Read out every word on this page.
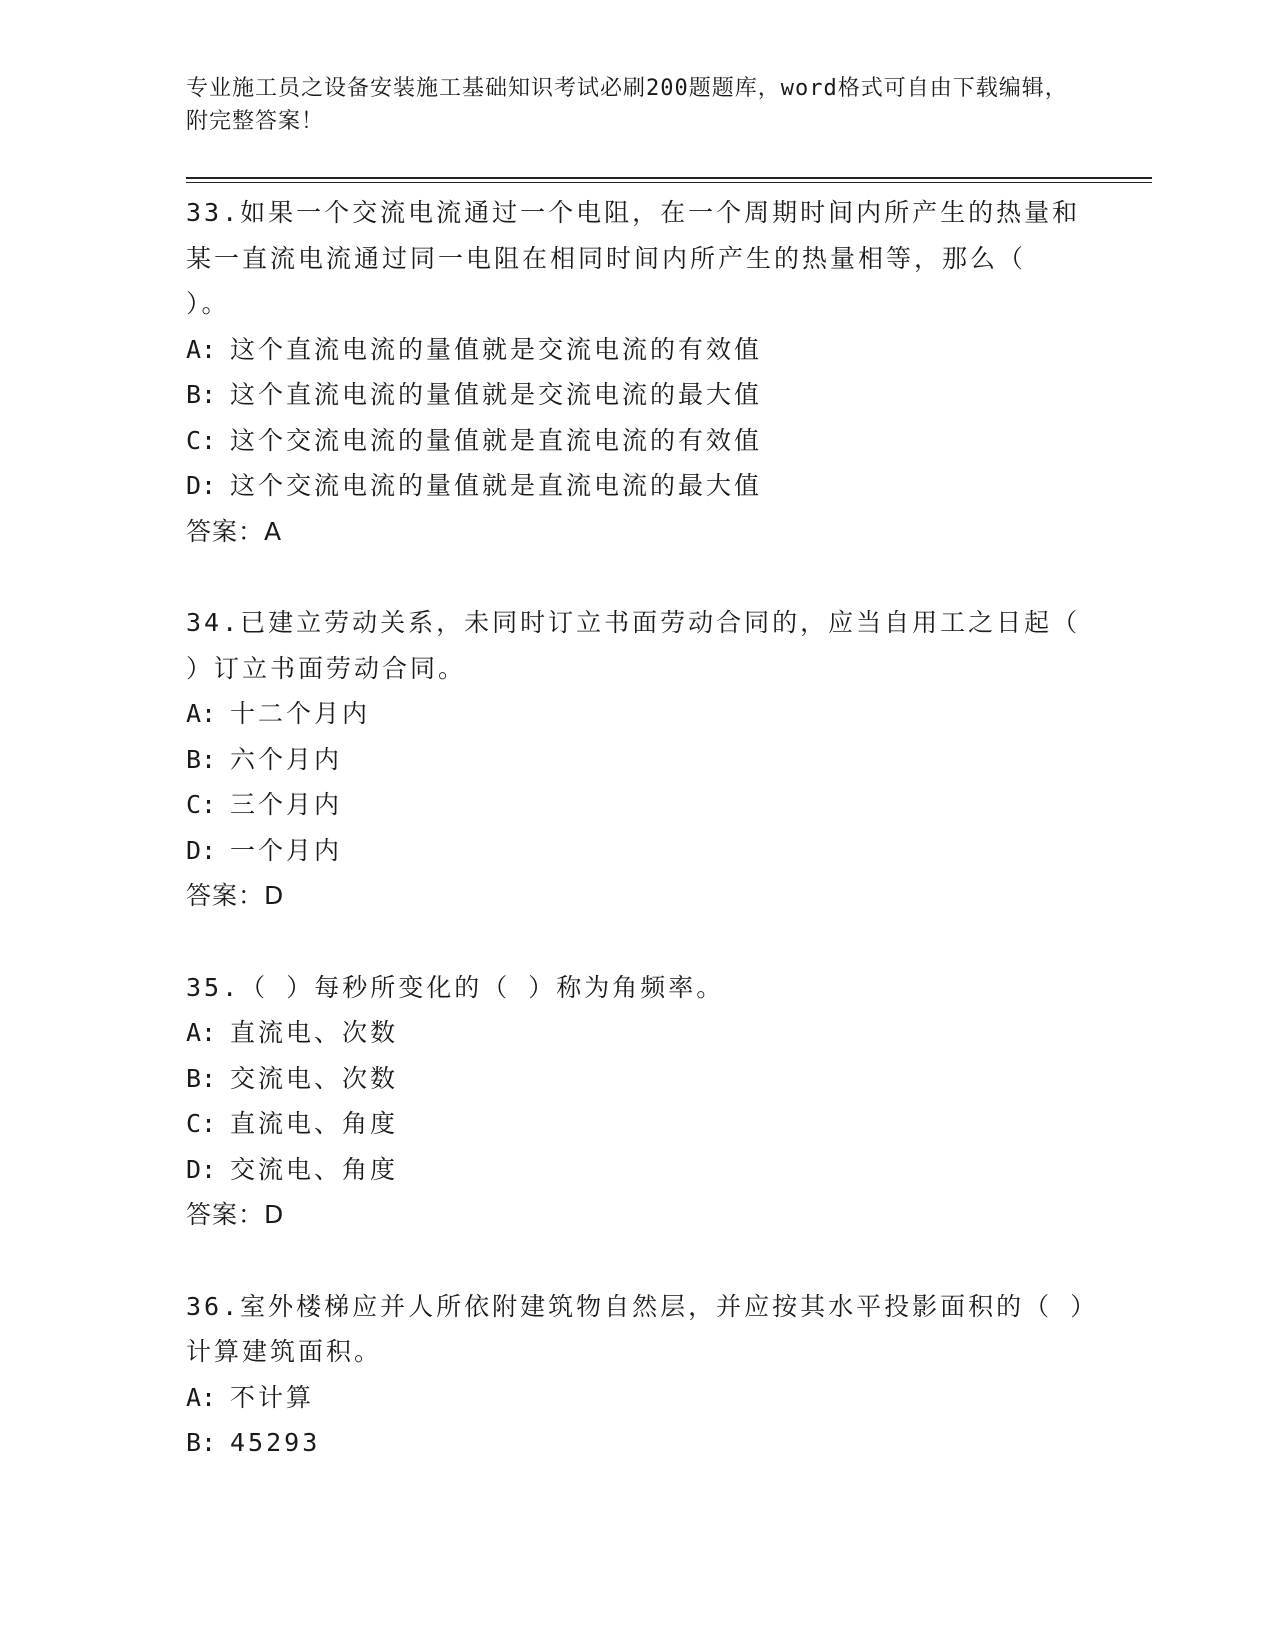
专业施工员之设备安装施工基础知识考试必刷200题题库，word格式可自由下载编辑，附完整答案！

33.如果一个交流电流通过一个电阻，在一个周期时间内所产生的热量和某一直流电流通过同一电阻在相同时间内所产生的热量相等，那么（ ）。

A: 这个直流电流的量值就是交流电流的有效值

B: 这个直流电流的量值就是交流电流的最大值

C: 这个交流电流的量值就是直流电流的有效值

D: 这个交流电流的量值就是直流电流的最大值

答案：A

34.已建立劳动关系，未同时订立书面劳动合同的，应当自用工之日起（ ）订立书面劳动合同。

A: 十二个月内

B: 六个月内

C: 三个月内

D: 一个月内

答案：D

35.（ ）每秒所变化的（ ）称为角频率。

A: 直流电、次数

B: 交流电、次数

C: 直流电、角度

D: 交流电、角度

答案：D

36.室外楼梯应并人所依附建筑物自然层，并应按其水平投影面积的（ ）计算建筑面积。

A: 不计算

B: 45293
